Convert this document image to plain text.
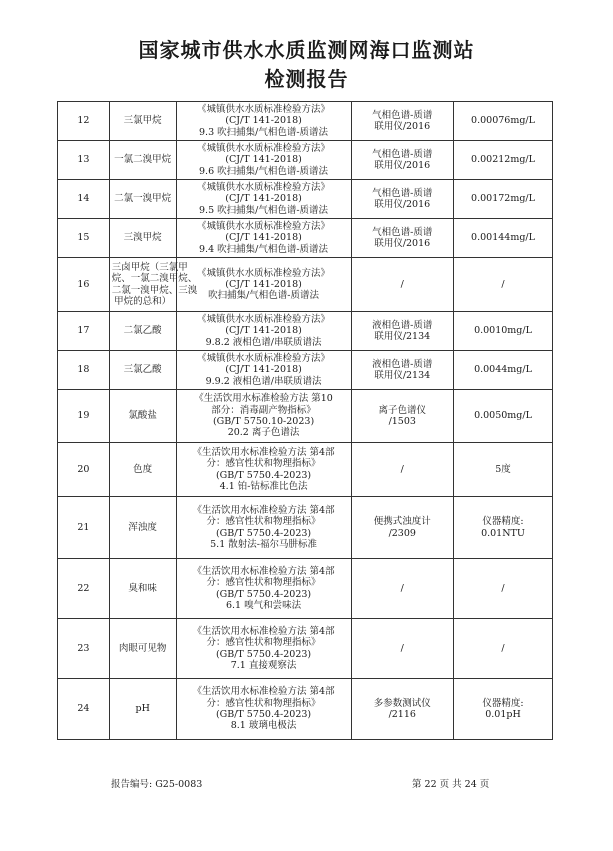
国家城市供水水质监测网海口监测站
检测报告
12	三氯甲烷	《城镇供水水质标准检验方法》
(CJ/T 141-2018)
9.3 吹扫捕集/气相色谱-质谱法	气相色谱-质谱
联用仪/2016	0.00076mg/L

13	一氯二溴甲烷	《城镇供水水质标准检验方法》
(CJ/T 141-2018)
9.6 吹扫捕集/气相色谱-质谱法	气相色谱-质谱
联用仪/2016	0.00212mg/L

14	二氯一溴甲烷	《城镇供水水质标准检验方法》
(CJ/T 141-2018)
9.5 吹扫捕集/气相色谱-质谱法	气相色谱-质谱
联用仪/2016	0.00172mg/L

15	三溴甲烷	《城镇供水水质标准检验方法》
(CJ/T 141-2018)
9.4 吹扫捕集/气相色谱-质谱法	气相色谱-质谱
联用仪/2016	0.00144mg/L

16	三卤甲烷（三氯甲
烷、一氯二溴甲烷、
二氯一溴甲烷、三溴
甲烷的总和）	《城镇供水水质标准检验方法》
(CJ/T 141-2018)
吹扫捕集/气相色谱-质谱法	/	/

17	二氯乙酸	《城镇供水水质标准检验方法》
(CJ/T 141-2018)
9.8.2 液相色谱/串联质谱法	液相色谱-质谱
联用仪/2134	0.0010mg/L

18	三氯乙酸	《城镇供水水质标准检验方法》
(CJ/T 141-2018)
9.9.2 液相色谱/串联质谱法	液相色谱-质谱
联用仪/2134	0.0044mg/L

19	氯酸盐	《生活饮用水标准检验方法 第10
部分：消毒副产物指标》
(GB/T 5750.10-2023)
20.2 离子色谱法	离子色谱仪
/1503	0.0050mg/L

20	色度	《生活饮用水标准检验方法 第4部
分：感官性状和物理指标》
(GB/T 5750.4-2023)
4.1 铂-钴标准比色法	/	5度

21	浑浊度	《生活饮用水标准检验方法 第4部
分：感官性状和物理指标》
(GB/T 5750.4-2023)
5.1 散射法-福尔马肼标准	便携式浊度计
/2309	仪器精度:
0.01NTU

22	臭和味	《生活饮用水标准检验方法 第4部
分：感官性状和物理指标》
(GB/T 5750.4-2023)
6.1 嗅气和尝味法	/	/

23	肉眼可见物	《生活饮用水标准检验方法 第4部
分：感官性状和物理指标》
(GB/T 5750.4-2023)
7.1 直接观察法	/	/

24	pH	《生活饮用水标准检验方法 第4部
分：感官性状和物理指标》
(GB/T 5750.4-2023)
8.1 玻璃电极法	多参数测试仪
/2116	仪器精度:
0.01pH
报告编号: G25-0083	第 22 页 共 24 页
